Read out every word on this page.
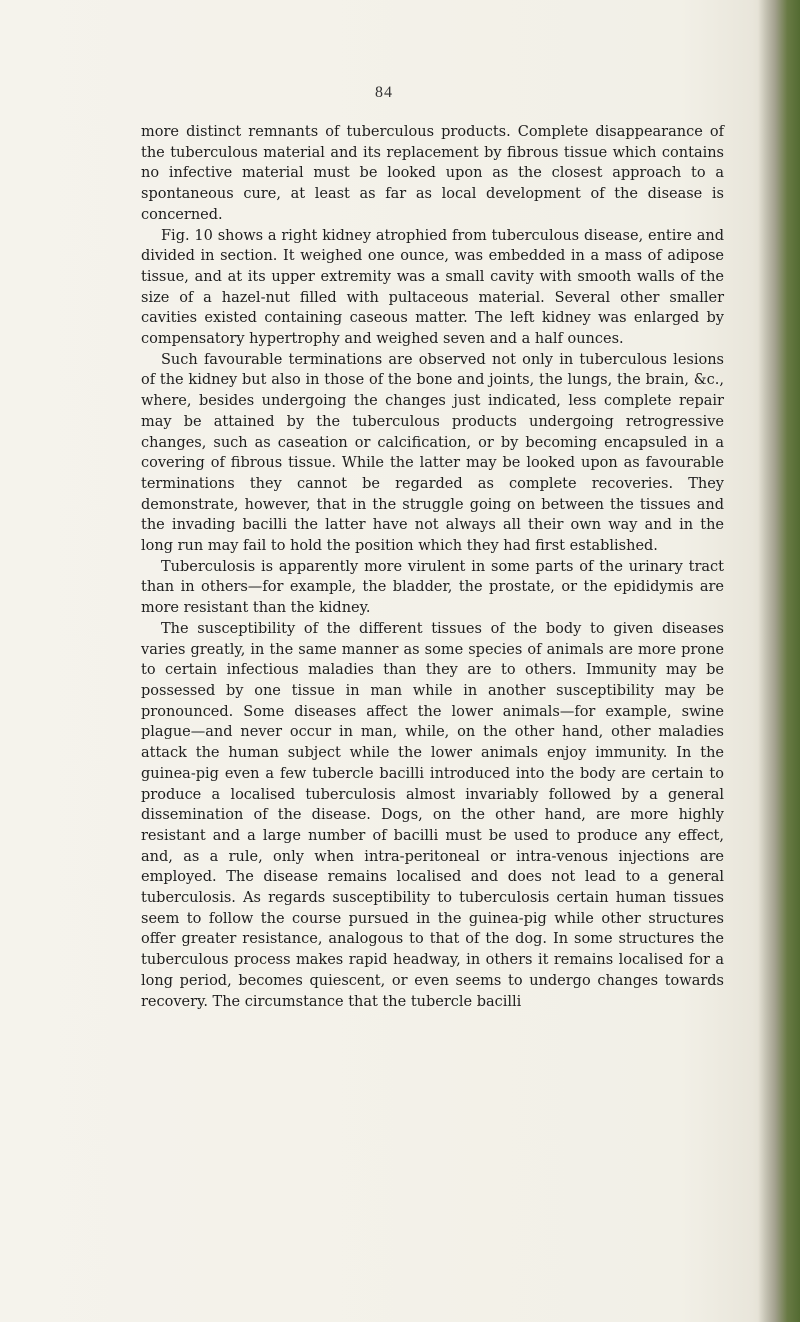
84

more distinct remnants of tuberculous products. Complete disappearance of the tuberculous material and its replacement by fibrous tissue which contains no infective material must be looked upon as the closest approach to a spontaneous cure, at least as far as local development of the disease is concerned.

Fig. 10 shows a right kidney atrophied from tuberculous disease, entire and divided in section. It weighed one ounce, was embedded in a mass of adipose tissue, and at its upper extremity was a small cavity with smooth walls of the size of a hazel-nut filled with pultaceous material. Several other smaller cavities existed containing caseous matter. The left kidney was enlarged by compensatory hypertrophy and weighed seven and a half ounces.

Such favourable terminations are observed not only in tuberculous lesions of the kidney but also in those of the bone and joints, the lungs, the brain, &c., where, besides undergoing the changes just indicated, less complete repair may be attained by the tuberculous products undergoing retrogressive changes, such as caseation or calcification, or by becoming encapsuled in a covering of fibrous tissue. While the latter may be looked upon as favourable terminations they cannot be regarded as complete recoveries. They demonstrate, however, that in the struggle going on between the tissues and the invading bacilli the latter have not always all their own way and in the long run may fail to hold the position which they had first established.

Tuberculosis is apparently more virulent in some parts of the urinary tract than in others—for example, the bladder, the prostate, or the epididymis are more resistant than the kidney.

The susceptibility of the different tissues of the body to given diseases varies greatly, in the same manner as some species of animals are more prone to certain infectious maladies than they are to others. Immunity may be possessed by one tissue in man while in another susceptibility may be pronounced. Some diseases affect the lower animals—for example, swine plague—and never occur in man, while, on the other hand, other maladies attack the human subject while the lower animals enjoy immunity. In the guinea-pig even a few tubercle bacilli introduced into the body are certain to produce a localised tuberculosis almost invariably followed by a general dissemination of the disease. Dogs, on the other hand, are more highly resistant and a large number of bacilli must be used to produce any effect, and, as a rule, only when intra-peritoneal or intra-venous injections are employed. The disease remains localised and does not lead to a general tuberculosis. As regards susceptibility to tuberculosis certain human tissues seem to follow the course pursued in the guinea-pig while other structures offer greater resistance, analogous to that of the dog. In some structures the tuberculous process makes rapid headway, in others it remains localised for a long period, becomes quiescent, or even seems to undergo changes towards recovery. The circumstance that the tubercle bacilli
